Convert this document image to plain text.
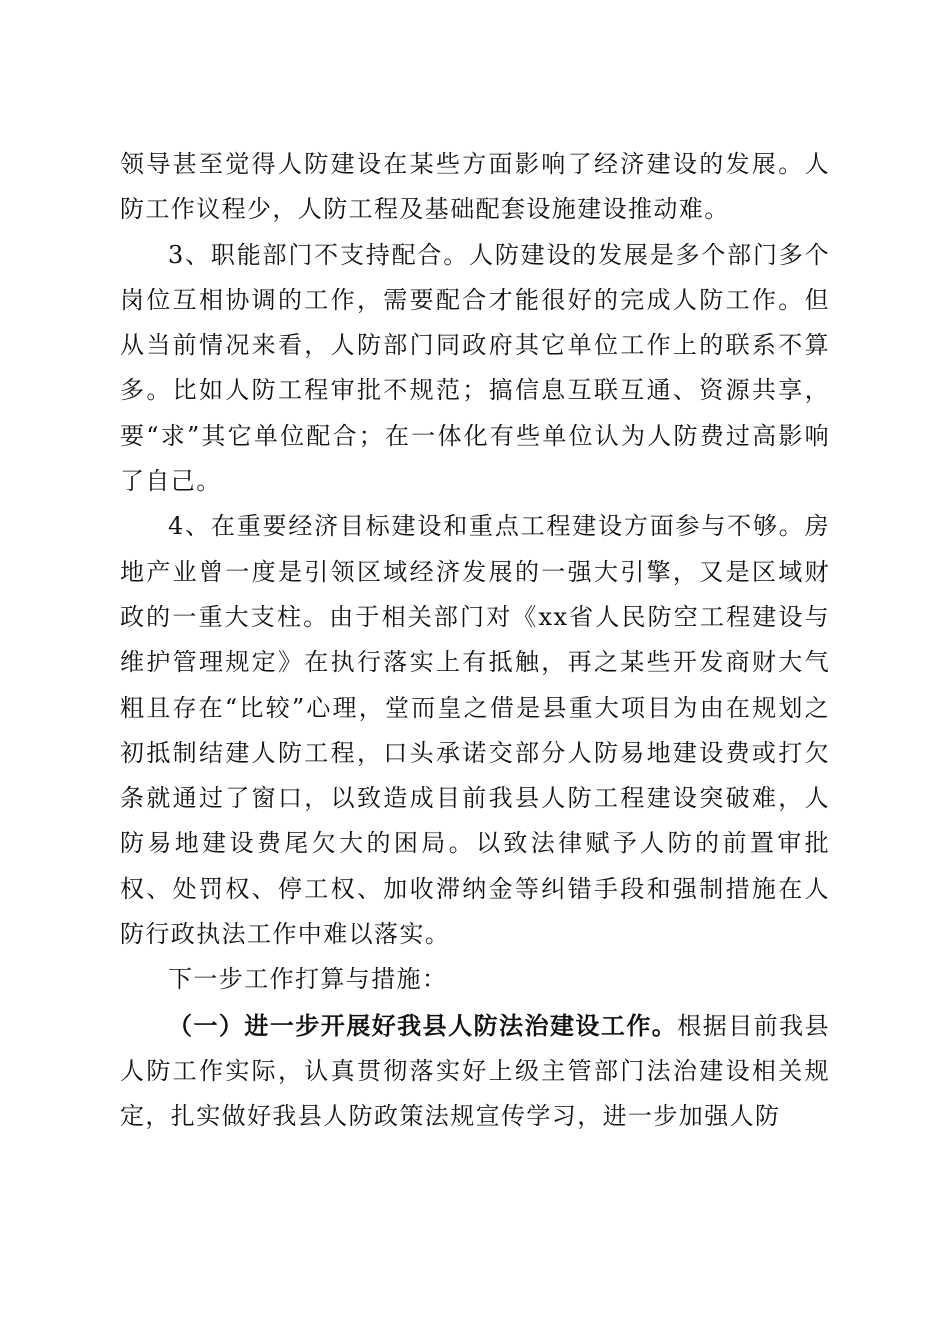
领导甚至觉得人防建设在某些方面影响了经济建设的发展。人防工作议程少，人防工程及基础配套设施建设推动难。

3、职能部门不支持配合。人防建设的发展是多个部门多个岗位互相协调的工作，需要配合才能很好的完成人防工作。但从当前情况来看，人防部门同政府其它单位工作上的联系不算多。比如人防工程审批不规范；搞信息互联互通、资源共享，要“求”其它单位配合；在一体化有些单位认为人防费过高影响了自己。

4、在重要经济目标建设和重点工程建设方面参与不够。房地产业曾一度是引领区域经济发展的一强大引擎，又是区域财政的一重大支柱。由于相关部门对《xx省人民防空工程建设与维护管理规定》在执行落实上有抵触，再之某些开发商财大气粗且存在“比较”心理，堂而皇之借是县重大项目为由在规划之初抵制结建人防工程，口头承诺交部分人防易地建设费或打欠条就通过了窗口，以致造成目前我县人防工程建设突破难，人防易地建设费尾欠大的困局。以致法律赋予人防的前置审批权、处罚权、停工权、加收滞纳金等纠错手段和强制措施在人防行政执法工作中难以落实。

下一步工作打算与措施：

（一）进一步开展好我县人防法治建设工作。根据目前我县人防工作实际，认真贯彻落实好上级主管部门法治建设相关规定，扎实做好我县人防政策法规宣传学习，进一步加强人防
